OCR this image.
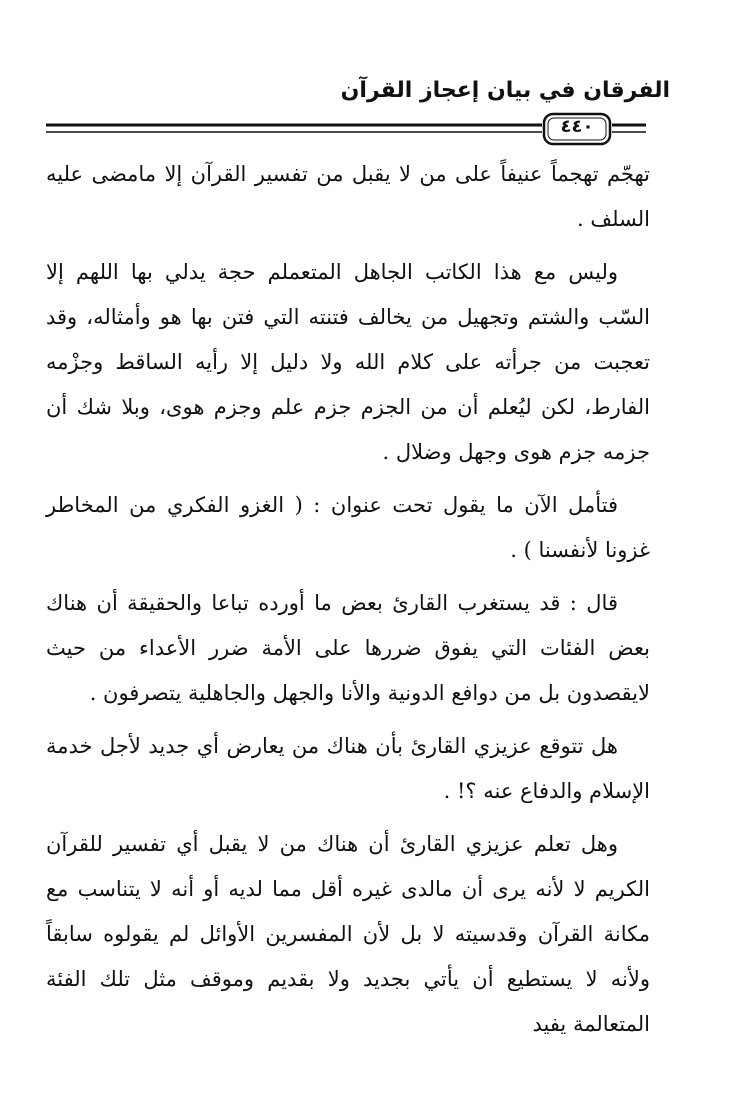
الفرقان في بيان إعجاز القرآن
٤٤٠

تهجّم تهجماً عنيفاً على من لا يقبل من تفسير القرآن إلا مامضى عليه السلف .

وليس مع هذا الكاتب الجاهل المتعملم حجة يدلي بها اللهم إلا السّب والشتم وتجهيل من يخالف فتنته التي فتن بها هو وأمثاله، وقد تعجبت من جرأته على كلام الله ولا دليل إلا رأيه الساقط وجزْمه الفارط، لكن ليُعلم أن من الجزم جزم علم وجزم هوى، وبلا شك أن جزمه جزم هوى وجهل وضلال .

فتأمل الآن ما يقول تحت عنوان : ( الغزو الفكري من المخاطر غزونا لأنفسنا ) .

قال : قد يستغرب القارئ بعض ما أورده تباعا والحقيقة أن هناك بعض الفئات التي يفوق ضررها على الأمة ضرر الأعداء من حيث لايقصدون بل من دوافع الدونية والأنا والجهل والجاهلية يتصرفون .

هل تتوقع عزيزي القارئ بأن هناك من يعارض أي جديد لأجل خدمة الإسلام والدفاع عنه ؟! .

وهل تعلم عزيزي القارئ أن هناك من لا يقبل أي تفسير للقرآن الكريم لا لأنه يرى أن مالدى غيره أقل مما لديه أو أنه لا يتناسب مع مكانة القرآن وقدسيته لا بل لأن المفسرين الأوائل لم يقولوه سابقاً ولأنه لا يستطيع أن يأتي بجديد ولا بقديم وموقف مثل تلك الفئة المتعالمة يفيد
